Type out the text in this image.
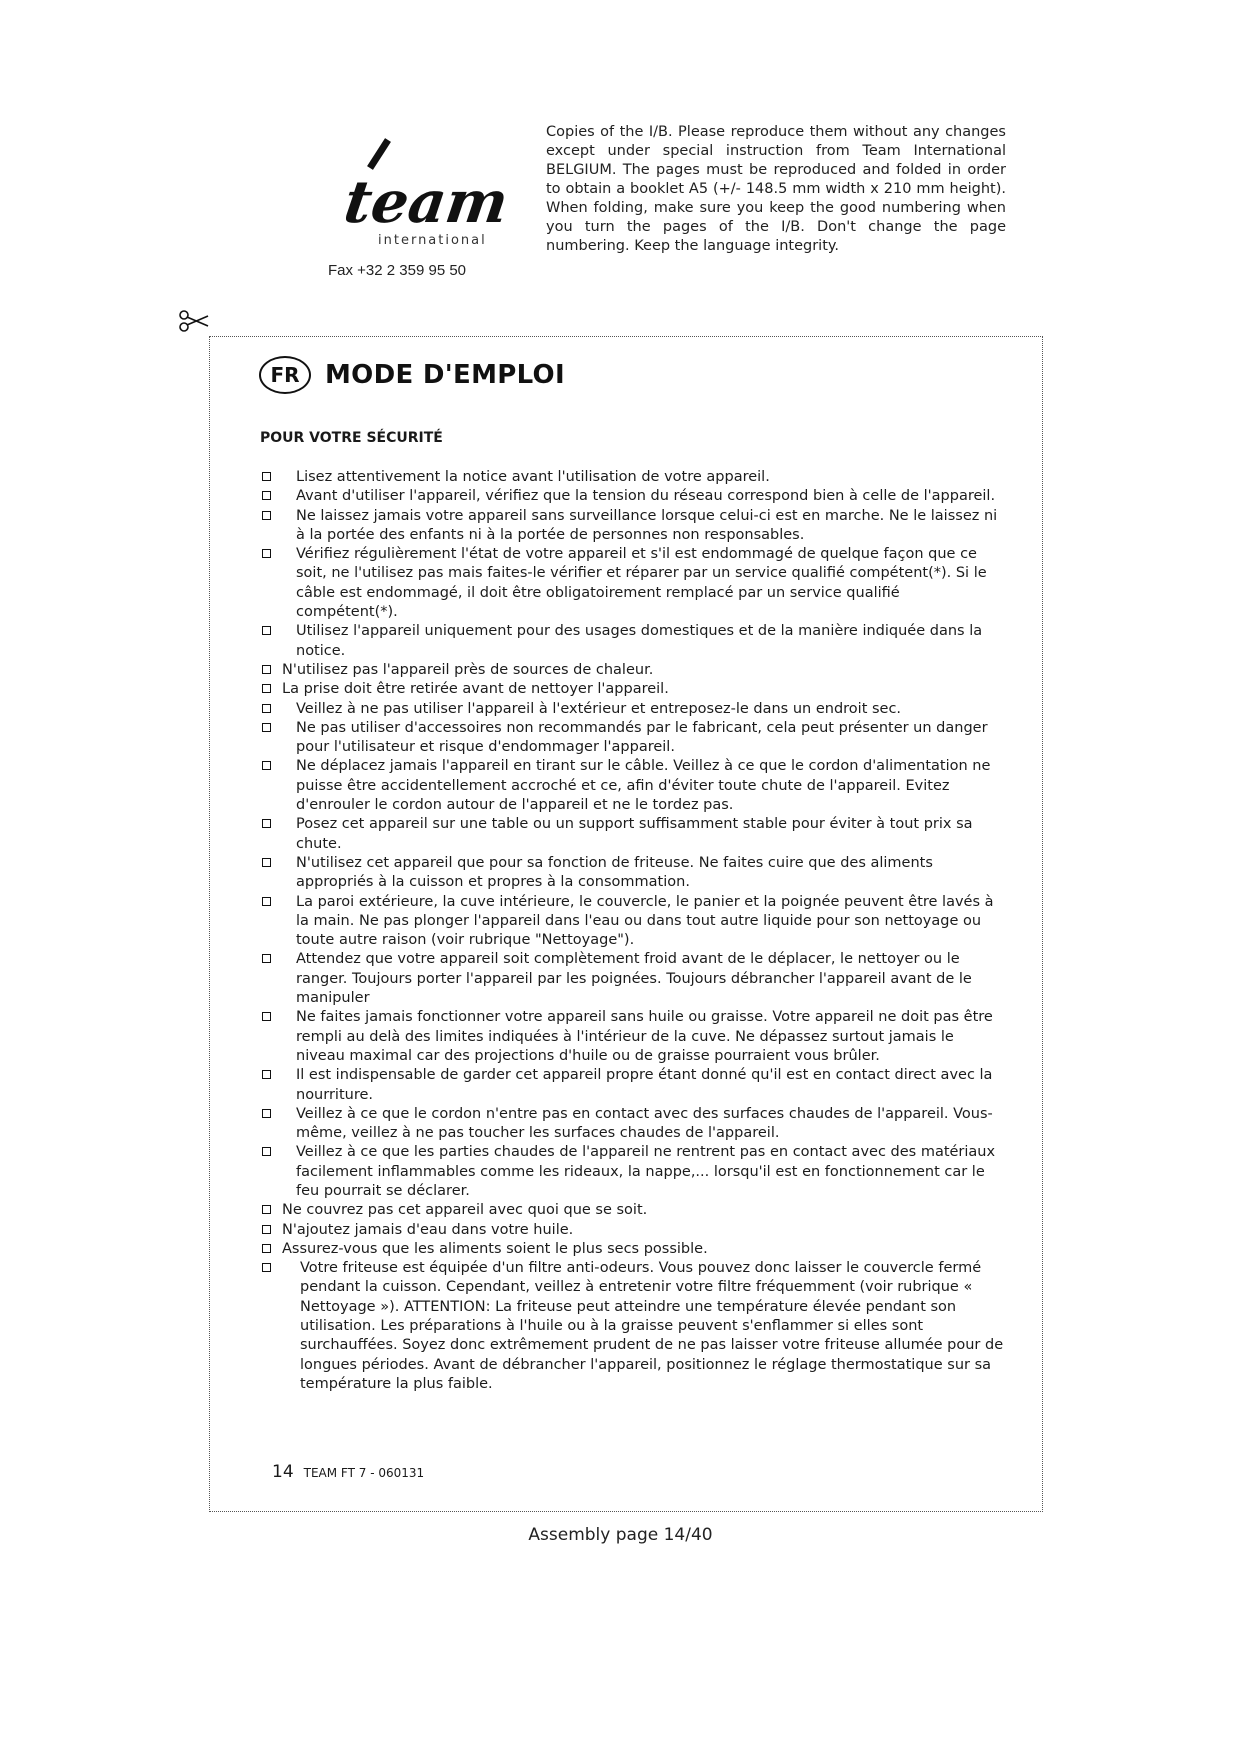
team
international
Fax +32 2 359 95 50
Copies of the I/B. Please reproduce them without any changes except under special instruction from Team International BELGIUM. The pages must be reproduced and folded in order to obtain a booklet A5 (+/- 148.5 mm width x 210 mm height). When folding, make sure you keep the good numbering when you turn the pages of the I/B. Don't change the page numbering. Keep the language integrity.
FR MODE D'EMPLOI
POUR VOTRE SÉCURITÉ
Lisez attentivement la notice avant l'utilisation de votre appareil.
Avant d'utiliser l'appareil, vérifiez que la tension du réseau correspond bien à celle de l'appareil.
Ne laissez jamais votre appareil sans surveillance lorsque celui-ci est en marche. Ne le laissez ni à la portée des enfants ni à la portée de personnes non responsables.
Vérifiez régulièrement l'état de votre appareil et s'il est endommagé de quelque façon que ce soit, ne l'utilisez pas mais faites-le vérifier et réparer par un service qualifié compétent(*). Si le câble est endommagé, il doit être obligatoirement remplacé par un service qualifié compétent(*).
Utilisez l'appareil uniquement pour des usages domestiques et de la manière indiquée dans la notice.
N'utilisez pas l'appareil près de sources de chaleur.
La prise doit être retirée avant de nettoyer l'appareil.
Veillez à ne pas utiliser l'appareil à l'extérieur et entreposez-le dans un endroit sec.
Ne pas utiliser d'accessoires non recommandés par le fabricant, cela peut présenter un danger pour l'utilisateur et risque d'endommager l'appareil.
Ne déplacez jamais l'appareil en tirant sur le câble. Veillez à ce que le cordon d'alimentation ne puisse être accidentellement accroché et ce, afin d'éviter toute chute de l'appareil. Evitez d'enrouler le cordon autour de l'appareil et ne le tordez pas.
Posez cet appareil sur une table ou un support suffisamment stable pour éviter à tout prix sa chute.
N'utilisez cet appareil que pour sa fonction de friteuse. Ne faites cuire que des aliments appropriés à la cuisson et propres à la consommation.
La paroi extérieure, la cuve intérieure, le couvercle, le panier et la poignée peuvent être lavés à la main. Ne pas plonger l'appareil dans l'eau ou dans tout autre liquide pour son nettoyage ou toute autre raison (voir rubrique "Nettoyage").
Attendez que votre appareil soit complètement froid avant de le déplacer, le nettoyer ou le ranger. Toujours porter l'appareil par les poignées. Toujours débrancher l'appareil avant de le manipuler
Ne faites jamais fonctionner votre appareil sans huile ou graisse. Votre appareil ne doit pas être rempli au delà des limites indiquées à l'intérieur de la cuve. Ne dépassez surtout jamais le niveau maximal car des projections d'huile ou de graisse pourraient vous brûler.
Il est indispensable de garder cet appareil propre étant donné qu'il est en contact direct avec la nourriture.
Veillez à ce que le cordon n'entre pas en contact avec des surfaces chaudes de l'appareil. Vous-même, veillez à ne pas toucher les surfaces chaudes de l'appareil.
Veillez à ce que les parties chaudes de l'appareil ne rentrent pas en contact avec des matériaux facilement inflammables comme les rideaux, la nappe,... lorsqu'il est en fonctionnement car le feu pourrait se déclarer.
Ne couvrez pas cet appareil avec quoi que se soit.
N'ajoutez jamais d'eau dans votre huile.
Assurez-vous que les aliments soient le plus secs possible.
Votre friteuse est équipée d'un filtre anti-odeurs. Vous pouvez donc laisser le couvercle fermé pendant la cuisson. Cependant, veillez à entretenir votre filtre fréquemment (voir rubrique « Nettoyage »). ATTENTION: La friteuse peut atteindre une température élevée pendant son utilisation. Les préparations à l'huile ou à la graisse peuvent s'enflammer si elles sont surchauffées. Soyez donc extrêmement prudent de ne pas laisser votre friteuse allumée pour de longues périodes. Avant de débrancher l'appareil, positionnez le réglage thermostatique sur sa température la plus faible.
14 TEAM FT 7 - 060131
Assembly page 14/40
